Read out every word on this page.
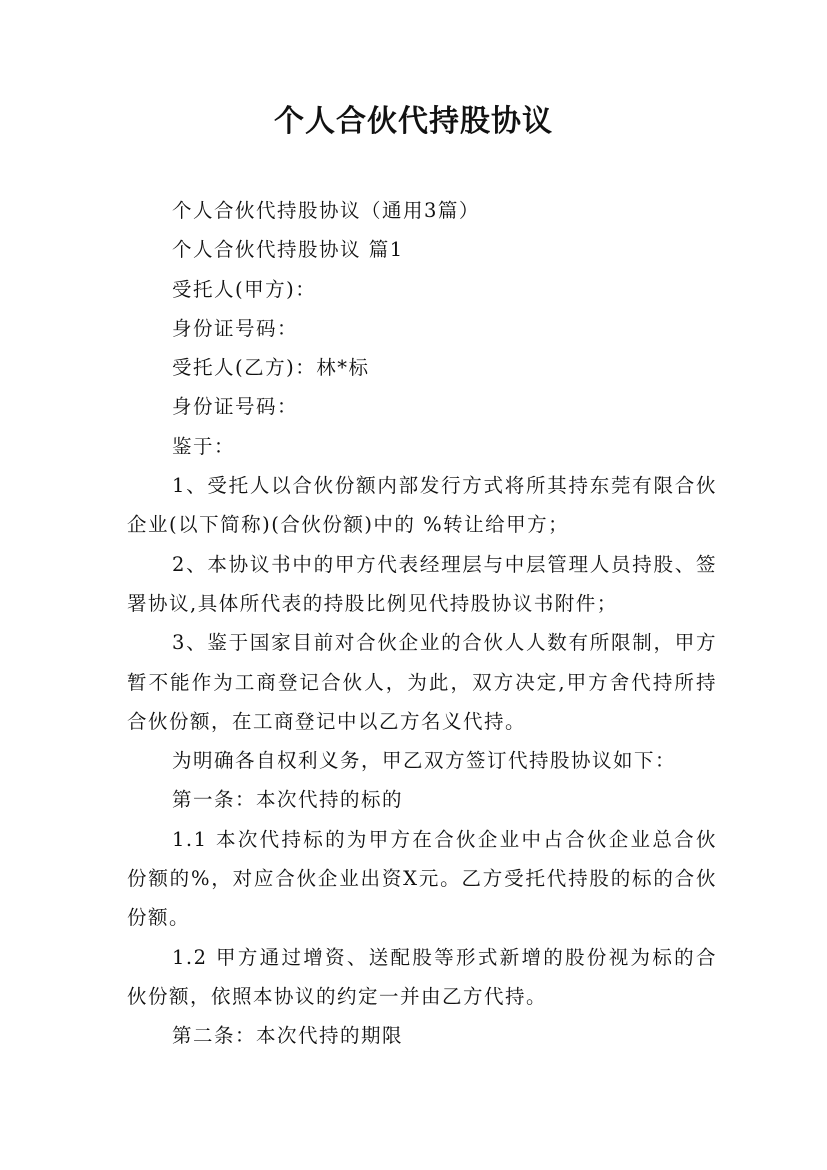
个人合伙代持股协议

个人合伙代持股协议（通用3篇）

个人合伙代持股协议 篇1

受托人(甲方)：

身份证号码：

受托人(乙方)：林*标

身份证号码：

鉴于：

1、受托人以合伙份额内部发行方式将所其持东莞有限合伙企业(以下简称)(合伙份额)中的 %转让给甲方；

2、本协议书中的甲方代表经理层与中层管理人员持股、签署协议,具体所代表的持股比例见代持股协议书附件；

3、鉴于国家目前对合伙企业的合伙人人数有所限制，甲方暂不能作为工商登记合伙人，为此，双方决定,甲方舍代持所持合伙份额，在工商登记中以乙方名义代持。

为明确各自权利义务，甲乙双方签订代持股协议如下：

第一条：本次代持的标的

1.1 本次代持标的为甲方在合伙企业中占合伙企业总合伙份额的%，对应合伙企业出资X元。乙方受托代持股的标的合伙份额。

1.2 甲方通过增资、送配股等形式新增的股份视为标的合伙份额，依照本协议的约定一并由乙方代持。

第二条：本次代持的期限
